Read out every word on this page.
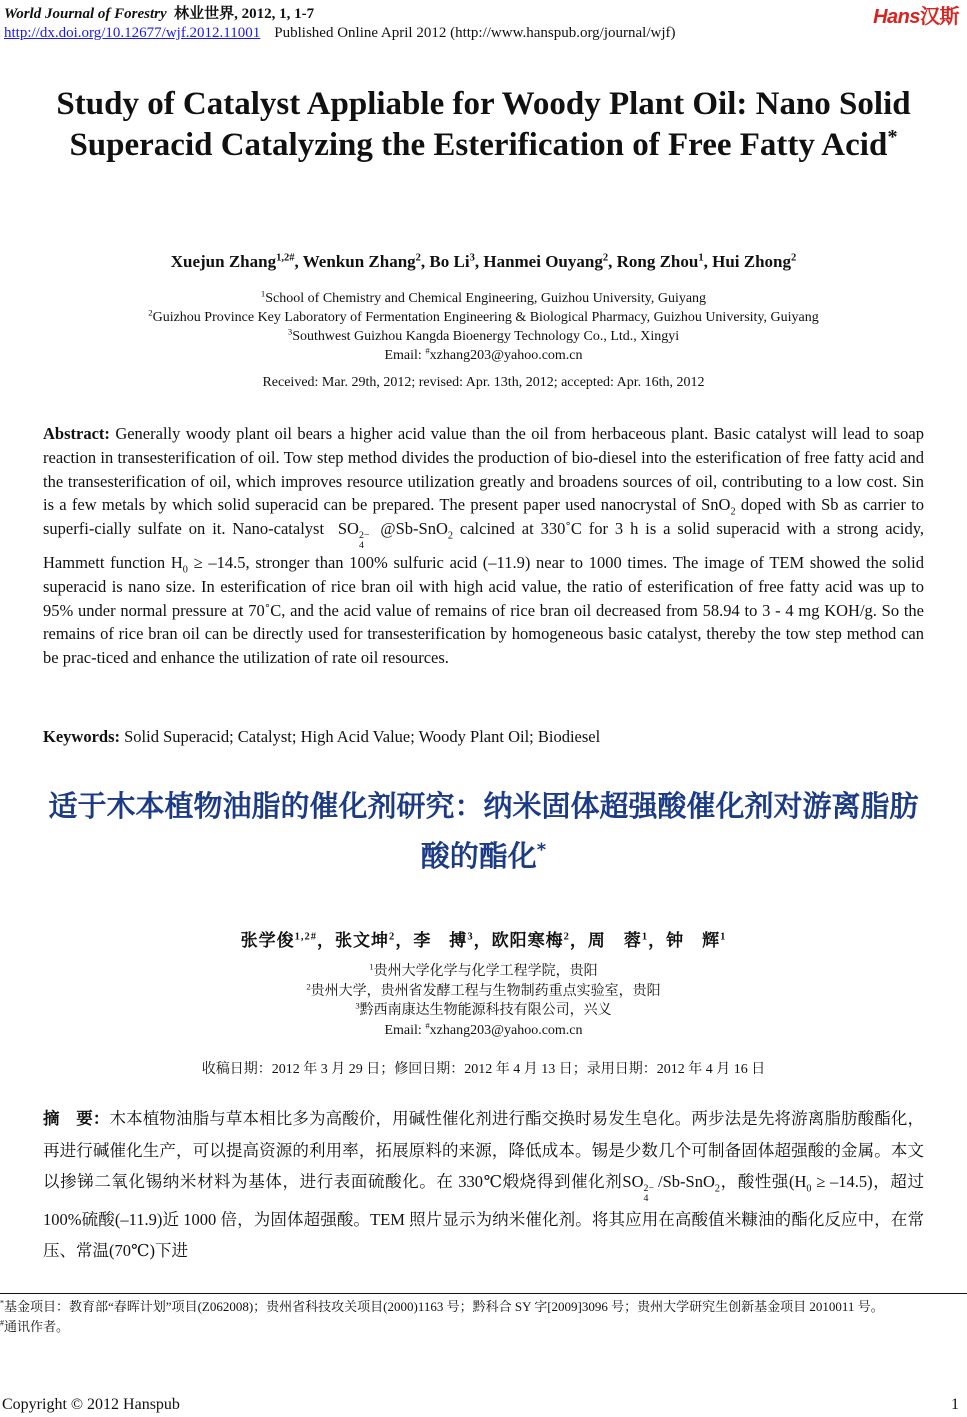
World Journal of Forestry 林业世界, 2012, 1, 1-7
http://dx.doi.org/10.12677/wjf.2012.11001 Published Online April 2012 (http://www.hanspub.org/journal/wjf)
Hans汉斯
Study of Catalyst Appliable for Woody Plant Oil: Nano Solid Superacid Catalyzing the Esterification of Free Fatty Acid*
Xuejun Zhang$^{1,2\#}$, Wenkun Zhang$^2$, Bo Li$^3$, Hanmei Ouyang$^2$, Rong Zhou$^1$, Hui Zhong$^2$
$^1$School of Chemistry and Chemical Engineering, Guizhou University, Guiyang
$^2$Guizhou Province Key Laboratory of Fermentation Engineering & Biological Pharmacy, Guizhou University, Guiyang
$^3$Southwest Guizhou Kangda Bioenergy Technology Co., Ltd., Xingyi
Email: #xzhang203@yahoo.com.cn
Received: Mar. 29th, 2012; revised: Apr. 13th, 2012; accepted: Apr. 16th, 2012
Abstract: Generally woody plant oil bears a higher acid value than the oil from herbaceous plant. Basic catalyst will lead to soap reaction in transesterification of oil. Tow step method divides the production of bio-diesel into the esterification of free fatty acid and the transesterification of oil, which improves resource utilization greatly and broadens sources of oil, contributing to a low cost. Sin is a few metals by which solid superacid can be prepared. The present paper used nanocrystal of SnO$_2$ doped with Sb as carrier to superfi-cially sulfate on it. Nano-catalyst  SO 2−
4
@Sb-SnO$_2$ calcined at 330˚C for 3 h is a solid superacid with a strong acidy, Hammett function $H_0 \ge -14.5$, stronger than 100% sulfuric acid (–11.9) near to 1000 times. The image of TEM showed the solid superacid is nano size. In esterification of rice bran oil with high acid value, the ratio of esterification of free fatty acid was up to 95% under normal pressure at 70˚C, and the acid value of remains of rice bran oil decreased from 58.94 to 3 - 4 mg KOH/g. So the remains of rice bran oil can be directly used for transesterification by homogeneous basic catalyst, thereby the tow step method can be prac-ticed and enhance the utilization of rate oil resources.
Keywords: Solid Superacid; Catalyst; High Acid Value; Woody Plant Oil; Biodiesel
适于木本植物油脂的催化剂研究：纳米固体超强酸催化剂对游离脂肪酸的酯化*
张学俊$^{1,2\#}$，张文坤$^2$，李　搏$^3$，欧阳寒梅$^2$，周　蓉$^1$，钟　辉$^1$
$^1$贵州大学化学与化学工程学院，贵阳
$^2$贵州大学，贵州省发酵工程与生物制药重点实验室，贵阳
$^3$黔西南康达生物能源科技有限公司，兴义
Email: #xzhang203@yahoo.com.cn
收稿日期：2012 年 3 月 29 日；修回日期：2012 年 4 月 13 日；录用日期：2012 年 4 月 16 日
摘　要：木本植物油脂与草本相比多为高酸价，用碱性催化剂进行酯交换时易发生皂化。两步法是先将游离脂肪酸酯化，再进行碱催化生产，可以提高资源的利用率，拓展原料的来源，降低成本。锡是少数几个可制备固体超强酸的金属。本文以掺锑二氧化锡纳米材料为基体，进行表面硫酸化。在 330℃煅烧得到催化剂SO 2−
4
/Sb-SnO$_2$，酸性强$(H_0 \ge -14.5)$，超过 100%硫酸(–11.9)近 1000 倍，为固体超强酸。TEM 照片显示为纳米催化剂。将其应用在高酸值米糠油的酯化反应中，在常压、常温(70℃)下进
*基金项目：教育部“春晖计划”项目(Z062008)；贵州省科技攻关项目(2000)1163 号；黔科合 SY 字[2009]3096 号；贵州大学研究生创新基金项目 2010011 号。
#通讯作者。
Copyright © 2012 Hanspub	1
